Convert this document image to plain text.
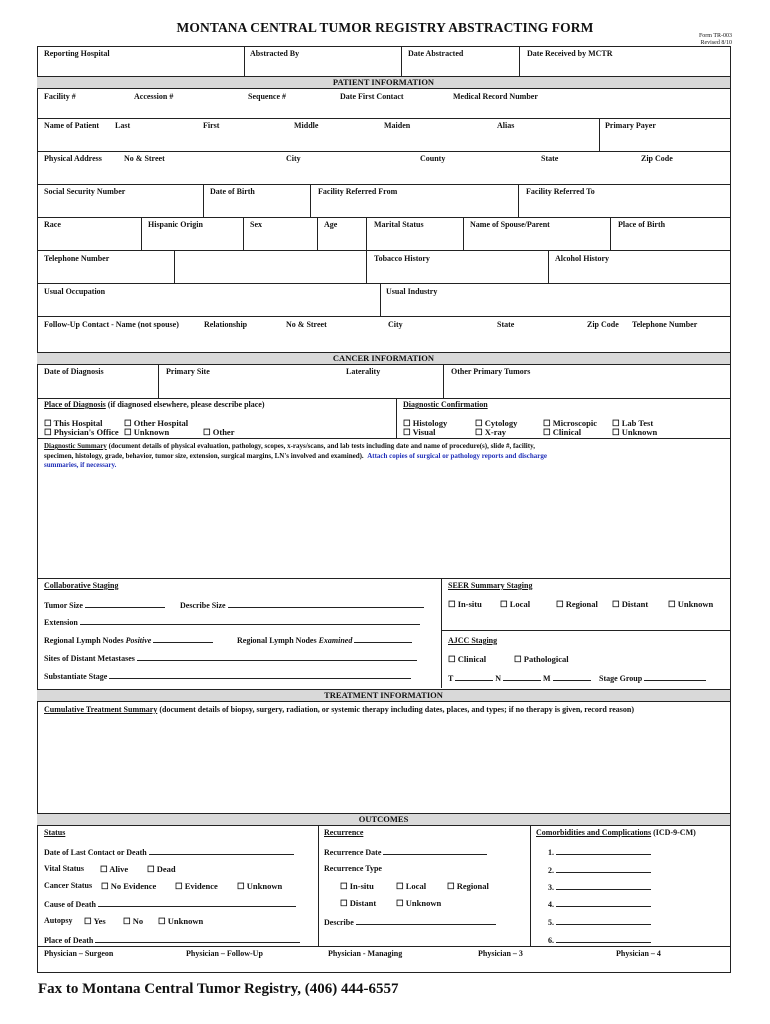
MONTANA CENTRAL TUMOR REGISTRY ABSTRACTING FORM
Form TR-003
Revised 8/10
Reporting Hospital	Abstracted By	Date Abstracted	Date Received by MCTR
PATIENT INFORMATION
Facility #	Accession #	Sequence #	Date First Contact	Medical Record Number
Name of Patient Last	First	Middle	Maiden	Alias	Primary Payer
Physical Address	No & Street	City	County	State	Zip Code
Social Security Number	Date of Birth	Facility Referred From	Facility Referred To
Race	Hispanic Origin	Sex	Age	Marital Status	Name of Spouse/Parent	Place of Birth
Telephone Number	Tobacco History	Alcohol History
Usual Occupation	Usual Industry
Follow-Up Contact - Name (not spouse)	Relationship	No & Street	City	State	Zip Code Telephone Number
CANCER INFORMATION
Date of Diagnosis	Primary Site	Laterality	Other Primary Tumors
Place of Diagnosis (if diagnosed elsewhere, please describe place)	Diagnostic Confirmation
☐ This Hospital	☐ Other Hospital
☐ Physician's Office ☐ Unknown	☐ Other
☐ Histology	☐ Cytology	☐ Microscopic ☐ Lab Test
☐ Visual	☐ X-ray	☐ Clinical	☐ Unknown
Diagnostic Summary (document details of physical evaluation, pathology, scopes, x-rays/scans, and lab tests including date and name of procedure(s), slide #, facility,
specimen, histology, grade, behavior, tumor size, extension, surgical margins, LN's involved and examined). Attach copies of surgical or pathology reports and discharge
summaries, if necessary.
Collaborative Staging
Tumor Size	Describe Size
Extension
Regional Lymph Nodes Positive	Regional Lymph Nodes Examined
Sites of Distant Metastases
Substantiate Stage
SEER Summary Staging
☐ In-situ ☐ Local	☐ Regional ☐ Distant ☐ Unknown
AJCC Staging
☐ Clinical	☐ Pathological
T	N	M	Stage Group
TREATMENT INFORMATION
Cumulative Treatment Summary (document details of biopsy, surgery, radiation, or systemic therapy including dates, places, and types; if no therapy is given, record reason)
OUTCOMES
Status
Date of Last Contact or Death
Vital Status ☐ Alive ☐ Dead
Cancer Status ☐ No Evidence ☐ Evidence ☐ Unknown
Cause of Death
Autopsy ☐ Yes ☐ No ☐ Unknown
Place of Death
Recurrence
Recurrence Date
Recurrence Type
☐ In-situ	☐ Local ☐ Regional
☐ Distant ☐ Unknown
Describe
Comorbidities and Complications (ICD-9-CM)
1.
2.
3.
4.
5.
6.
Physician – Surgeon	Physician – Follow-Up	Physician - Managing	Physician – 3	Physician – 4
Fax to Montana Central Tumor Registry, (406) 444-6557
